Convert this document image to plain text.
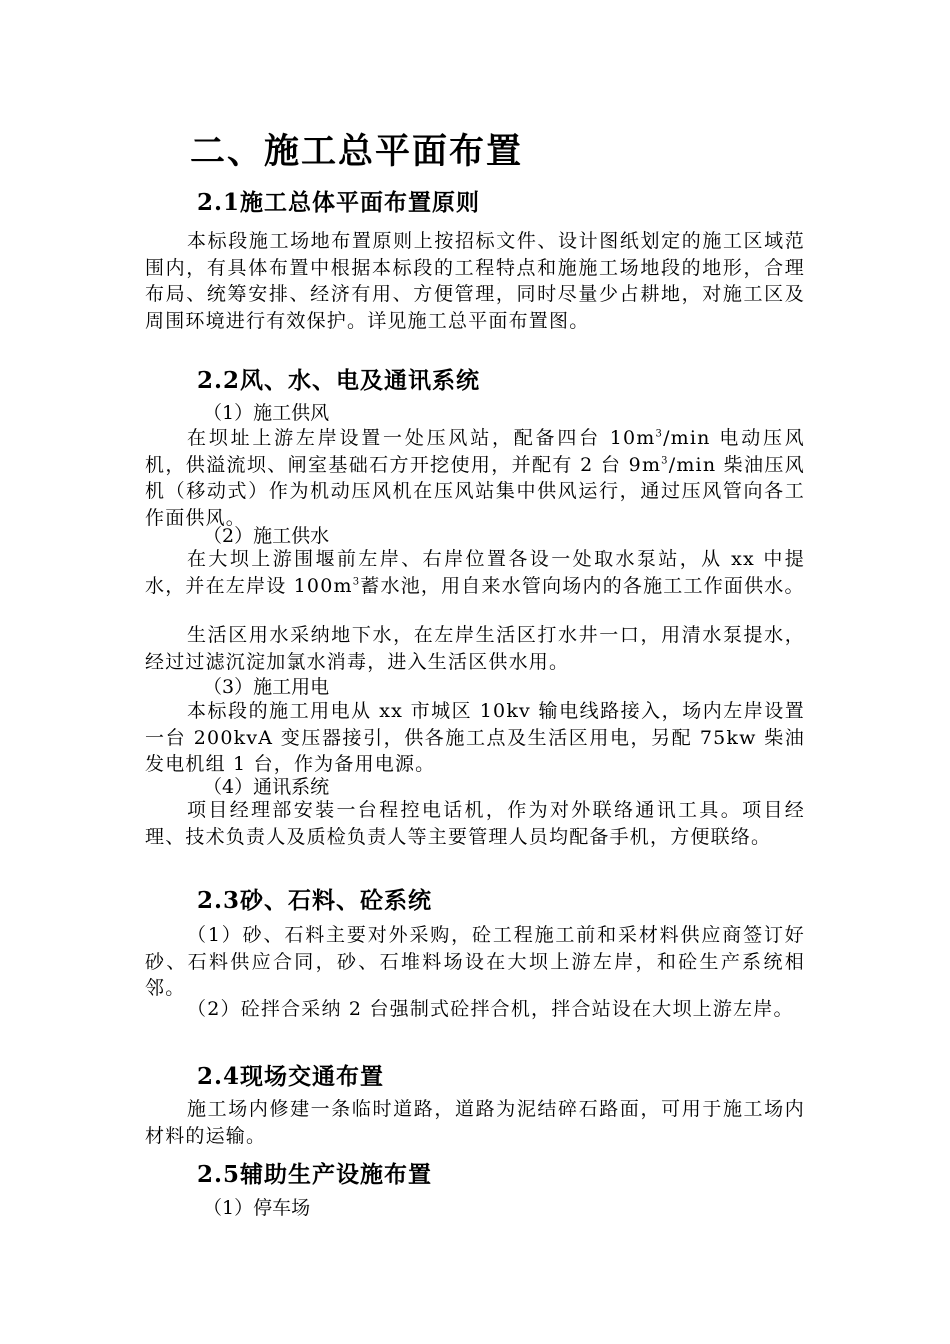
二、施工总平面布置
2.1施工总体平面布置原则

本标段施工场地布置原则上按招标文件、设计图纸划定的施工区域范围内，有具体布置中根据本标段的工程特点和施施工场地段的地形，合理布局、统筹安排、经济有用、方便管理，同时尽量少占耕地，对施工区及周围环境进行有效保护。详见施工总平面布置图。

2.2风、水、电及通讯系统

（1）施工供风

在坝址上游左岸设置一处压风站，配备四台 $10m^3/\min$ 电动压风机，供溢流坝、闸室基础石方开挖使用，并配有 2 台 $9m^3/\min$ 柴油压风机（移动式）作为机动压风机在压风站集中供风运行，通过压风管向各工作面供风。

（2）施工供水

在大坝上游围堰前左岸、右岸位置各设一处取水泵站，从 xx 中提水，并在左岸设 $100m^3$蓄水池，用自来水管向场内的各施工工作面供水。

生活区用水采纳地下水，在左岸生活区打水井一口，用清水泵提水，经过过滤沉淀加氯水消毒，进入生活区供水用。

（3）施工用电

本标段的施工用电从 xx 市城区 10kv 输电线路接入，场内左岸设置一台 200kvA 变压器接引，供各施工点及生活区用电，另配 75kw 柴油发电机组 1 台，作为备用电源。

（4）通讯系统

项目经理部安装一台程控电话机，作为对外联络通讯工具。项目经理、技术负责人及质检负责人等主要管理人员均配备手机，方便联络。

2.3砂、石料、砼系统

（1）砂、石料主要对外采购，砼工程施工前和采材料供应商签订好砂、石料供应合同，砂、石堆料场设在大坝上游左岸，和砼生产系统相邻。

（2）砼拌合采纳 2 台强制式砼拌合机，拌合站设在大坝上游左岸。

2.4现场交通布置

施工场内修建一条临时道路，道路为泥结碎石路面，可用于施工场内材料的运输。

2.5辅助生产设施布置

（1）停车场
